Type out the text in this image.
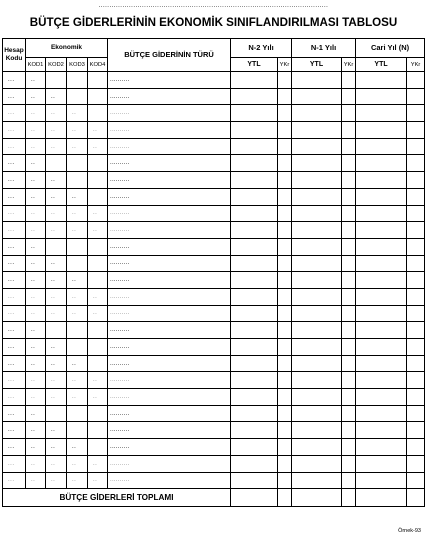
..........................................................................................................
BÜTÇE GİDERLERİNİN EKONOMİK SINIFLANDIRILMASI TABLOSU
Hesap Kodu	Ekonomik				BÜTÇE GİDERİNİN TÜRÜ	N-2 Yılı		N-1 Yılı		Cari Yıl (N)	
	KOD1	KOD2	KOD3	KOD4		YTL	YKr	YTL	YKr	YTL	YKr
...	..				..........						
...	..	..			..........						
...	..	..	..		..........						
...	..	..	..	..	..........						
...	..	..	..	..	..........						
...	..				..........						
...	..	..			..........						
...	..	..	..		..........						
...	..	..	..	..	..........						
...	..	..	..	..	..........						
...	..				..........						
...	..	..			..........						
...	..	..	..		..........						
...	..	..	..	..	..........						
...	..	..	..	..	..........						
...	..				..........						
...	..	..			..........						
...	..	..	..		..........						
...	..	..	..	..	..........						
...	..	..	..	..	..........						
...	..				..........						
...	..	..			..........						
...	..	..	..		..........						
...	..	..	..	..	..........						
...	..	..	..	..	..........						
BÜTÇE GİDERLERİ TOPLAMI											
Örnek-93
